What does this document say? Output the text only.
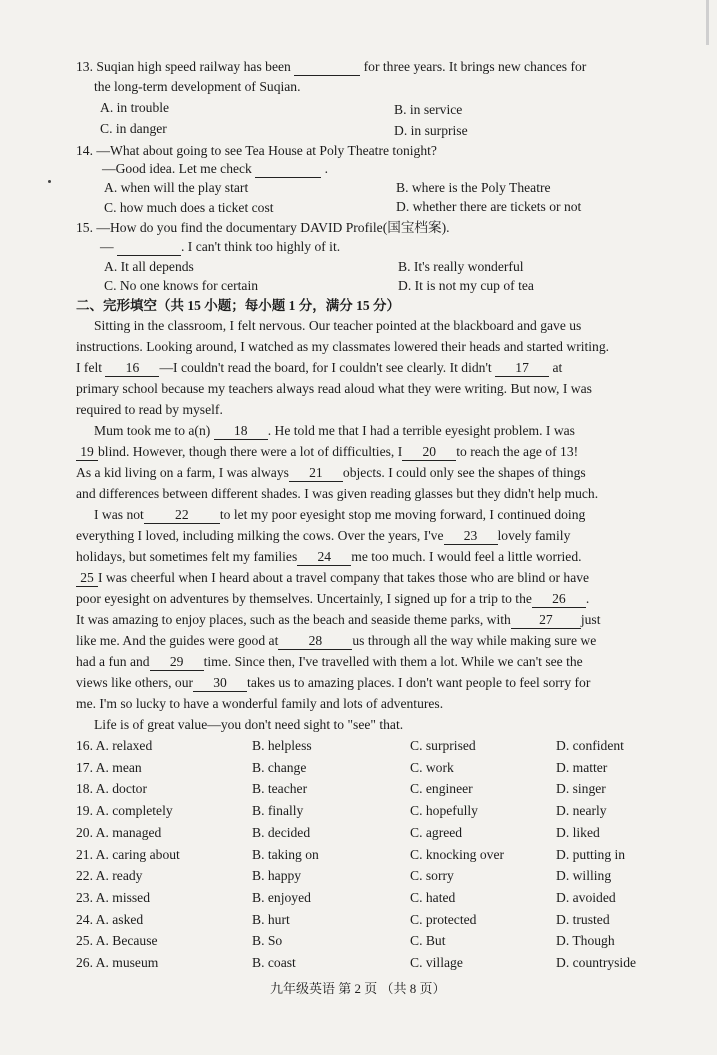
13. Suqian high speed railway has been	for three years. It brings new chances for
the long-term development of Suqian.
A. in trouble	B. in service
C. in danger	D. in surprise
14. —What about going to see Tea House at Poly Theatre tonight?
—Good idea. Let me check	.
A. when will the play start	B. where is the Poly Theatre
C. how much does a ticket cost	D. whether there are tickets or not
15. —How do you find the documentary DAVID Profile(国宝档案).
—	. I can't think too highly of it.
A. It all depends	B. It's really wonderful
C. No one knows for certain	D. It is not my cup of tea
二、完形填空（共 15 小题；每小题 1 分，满分 15 分）
Sitting in the classroom, I felt nervous. Our teacher pointed at the blackboard and gave us
instructions. Looking around, I watched as my classmates lowered their heads and started writing.
I felt 16 —I couldn't read the board, for I couldn't see clearly. It didn't 17 at
primary school because my teachers always read aloud what they were writing. But now, I was
required to read by myself.
Mum took me to a(n) 18 . He told me that I had a terrible eyesight problem. I was
19 blind. However, though there were a lot of difficulties, I 20 to reach the age of 13!
As a kid living on a farm, I was always 21 objects. I could only see the shapes of things
and differences between different shades. I was given reading glasses but they didn't help much.
I was not 22 to let my poor eyesight stop me moving forward, I continued doing
everything I loved, including milking the cows. Over the years, I've 23 lovely family
holidays, but sometimes felt my families 24 me too much. I would feel a little worried.
25 I was cheerful when I heard about a travel company that takes those who are blind or have
poor eyesight on adventures by themselves. Uncertainly, I signed up for a trip to the 26 .
It was amazing to enjoy places, such as the beach and seaside theme parks, with 27 just
like me. And the guides were good at 28 us through all the way while making sure we
had a fun and 29 time. Since then, I've travelled with them a lot. While we can't see the
views like others, our 30 takes us to amazing places. I don't want people to feel sorry for
me. I'm so lucky to have a wonderful family and lots of adventures.
Life is of great value—you don't need sight to "see" that.
16. A. relaxed	B. helpless	C. surprised	D. confident
17. A. mean	B. change	C. work	D. matter
18. A. doctor	B. teacher	C. engineer	D. singer
19. A. completely	B. finally	C. hopefully	D. nearly
20. A. managed	B. decided	C. agreed	D. liked
21. A. caring about	B. taking on	C. knocking over	D. putting in
22. A. ready	B. happy	C. sorry	D. willing
23. A. missed	B. enjoyed	C. hated	D. avoided
24. A. asked	B. hurt	C. protected	D. trusted
25. A. Because	B. So	C. But	D. Though
26. A. museum	B. coast	C. village	D. countryside
九年级英语 第 2 页 （共 8 页）
